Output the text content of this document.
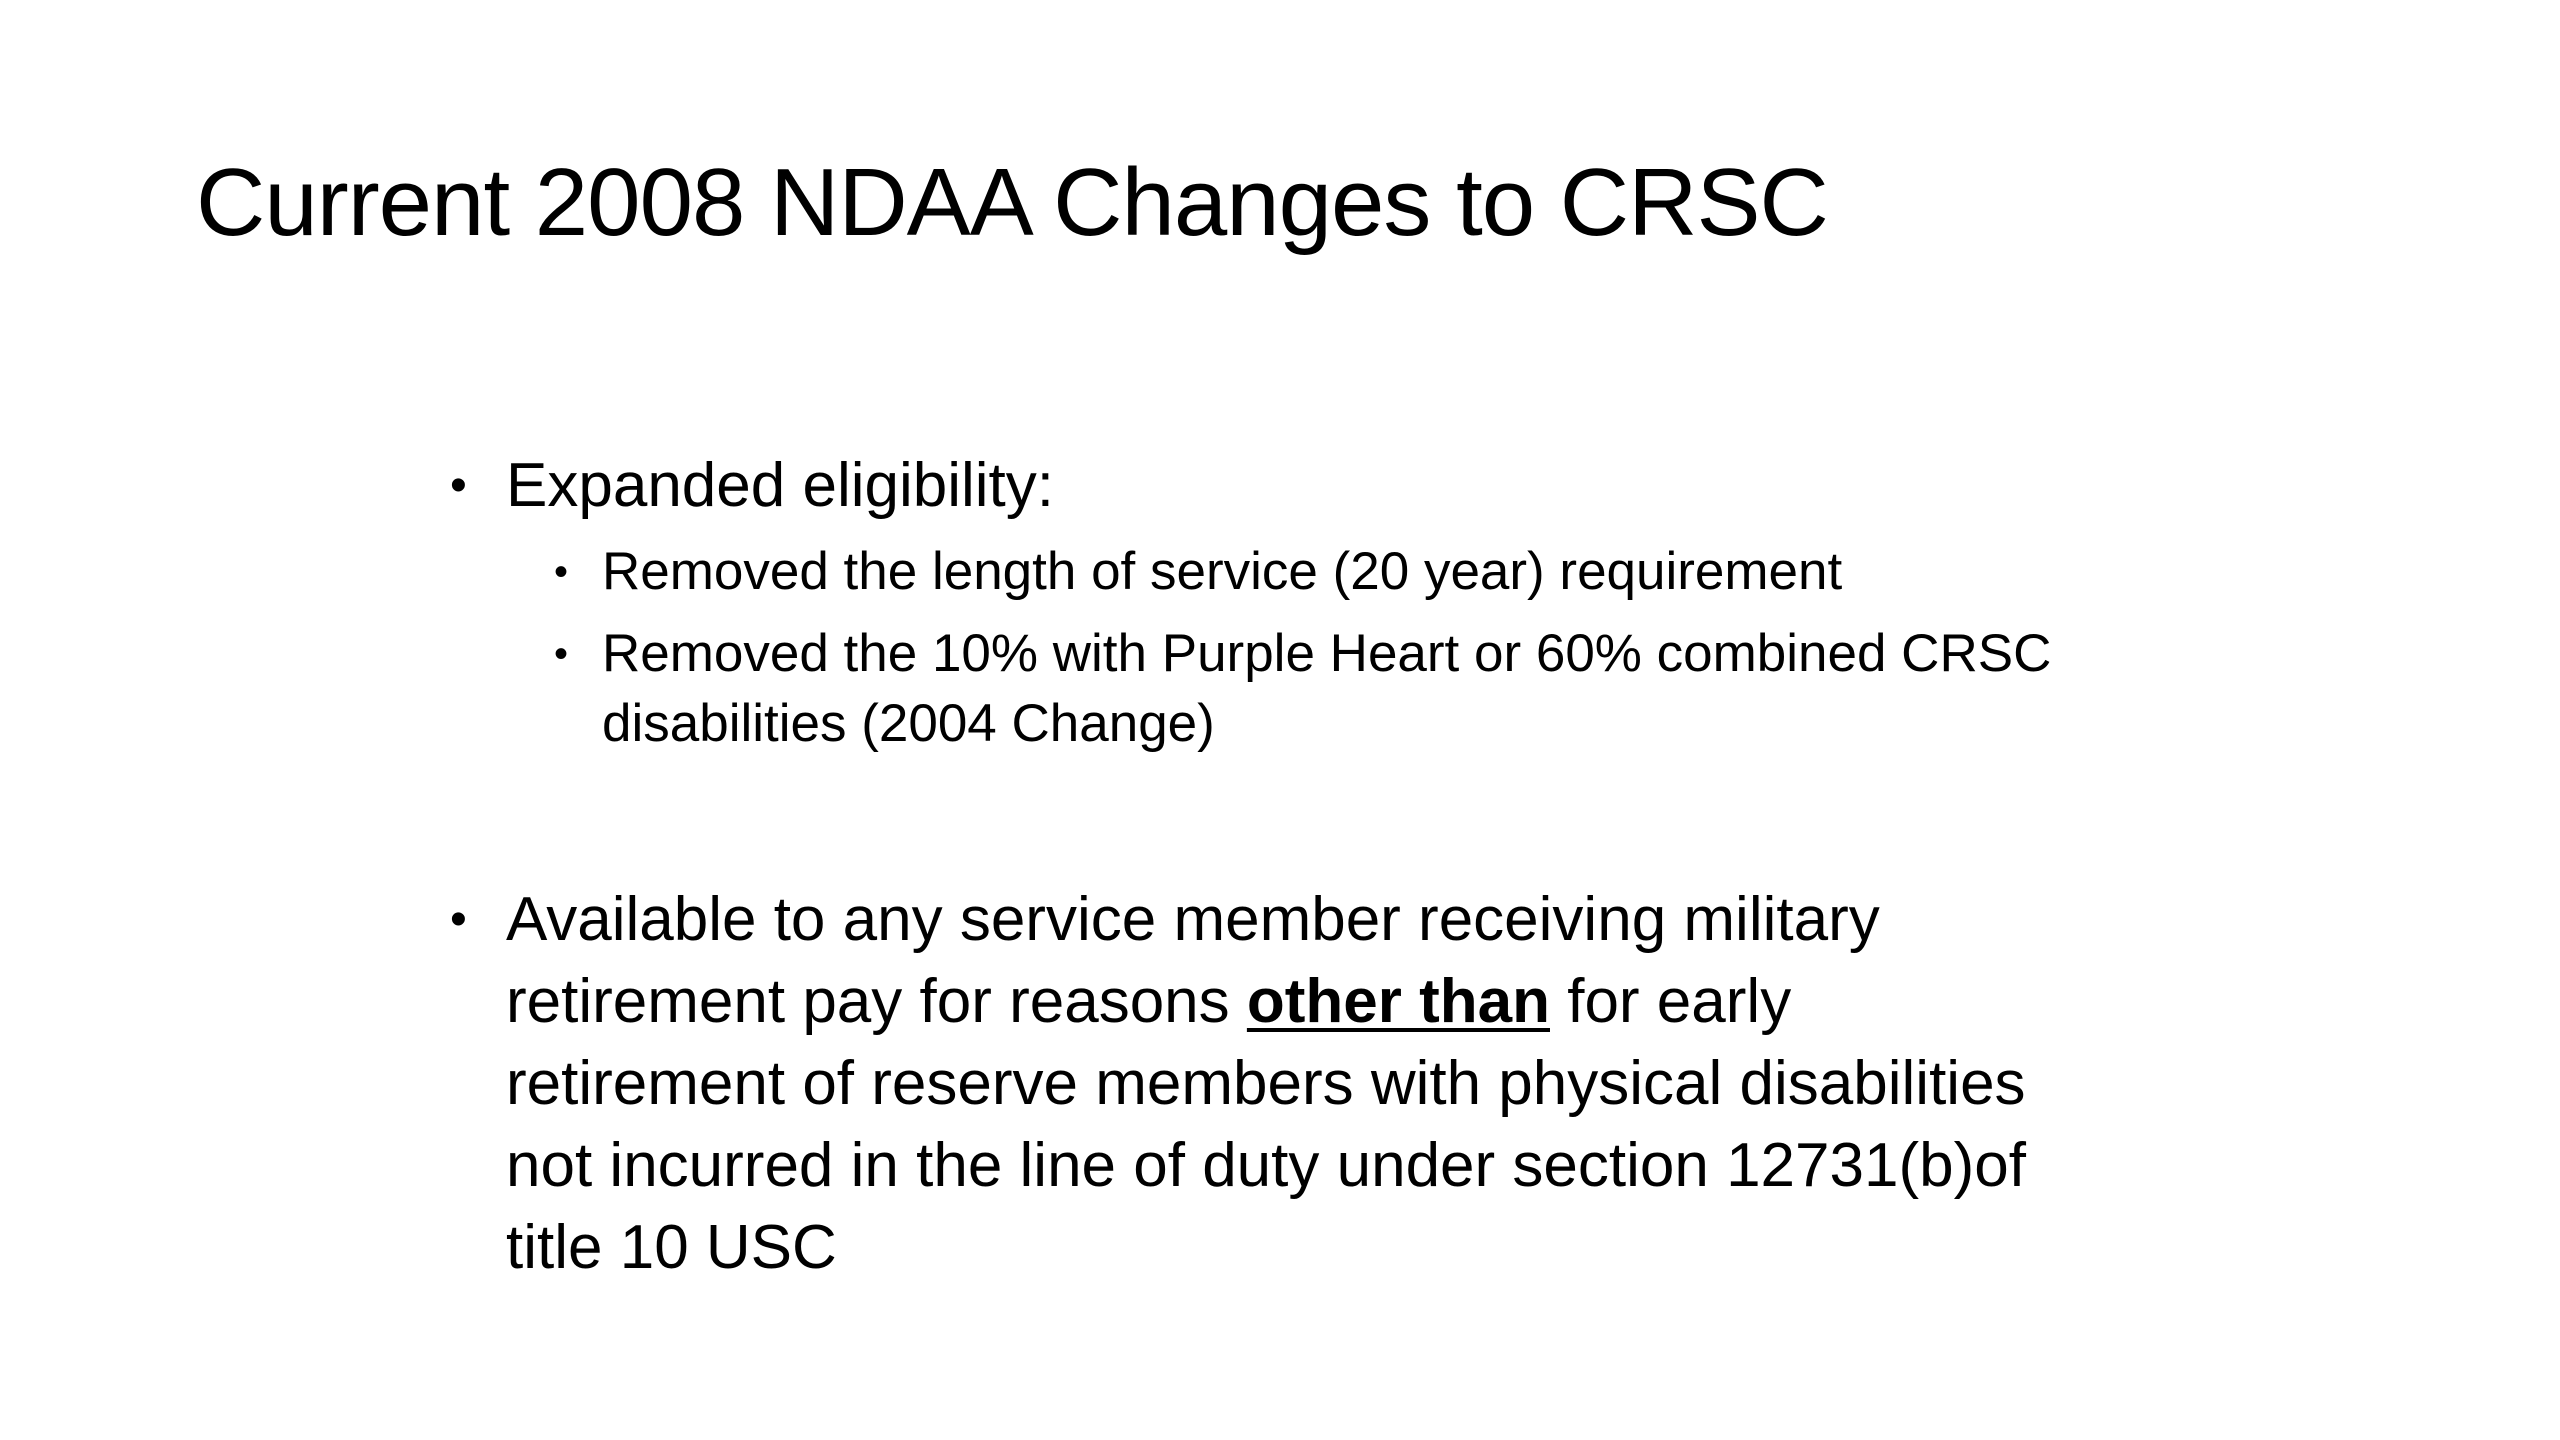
Current 2008 NDAA Changes to CRSC
• Expanded eligibility:
• Removed the length of service (20 year) requirement
• Removed the 10% with Purple Heart or 60% combined CRSC disabilities (2004 Change)
• Available to any service member receiving military retirement pay for reasons other than for early retirement of reserve members with physical disabilities not incurred in the line of duty under section 12731(b)of title 10 USC
